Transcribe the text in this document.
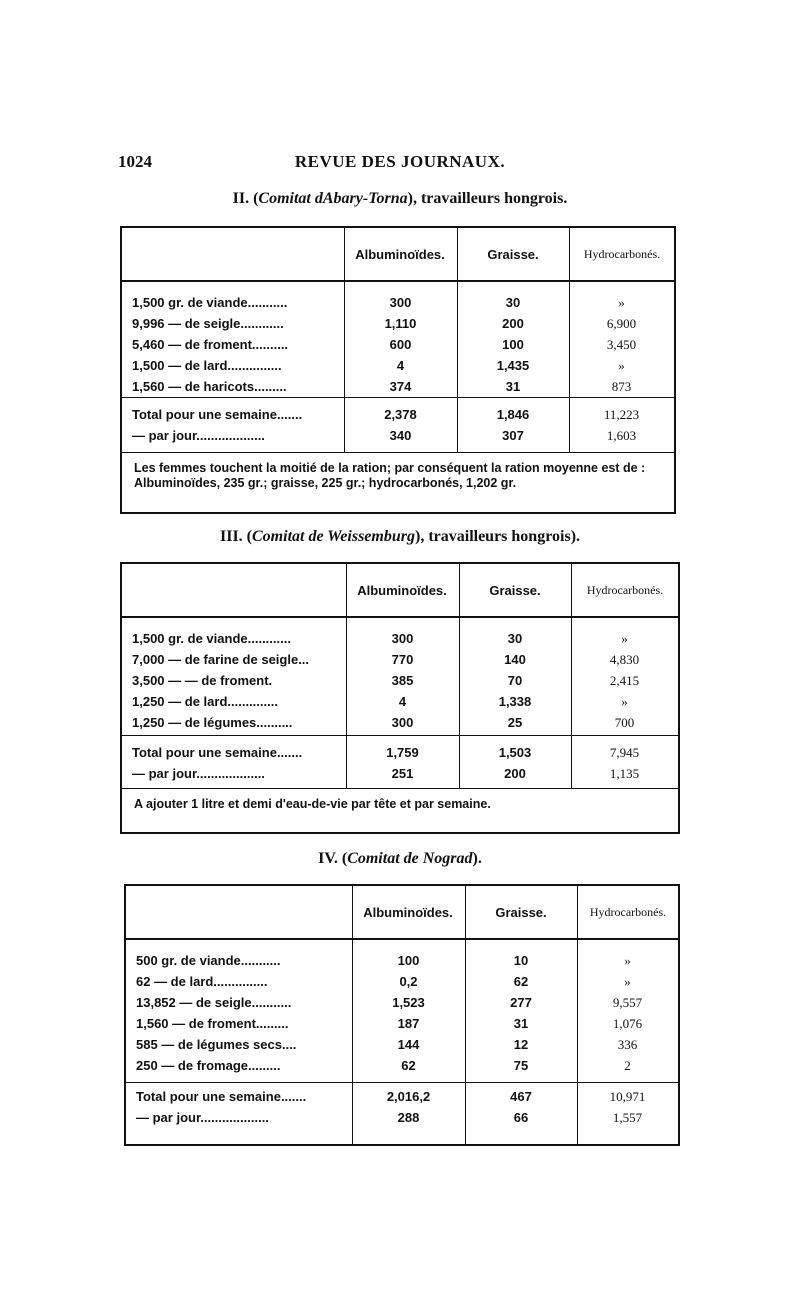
1024	REVUE DES JOURNAUX.
II. (Comitat dAbary-Torna), travailleurs hongrois.
Albuminoïdes.	Graisse.	Hydrocarbonés.
1,500 gr. de viande...........	300	30	»
9,996 — de seigle............	1,110	200	6,900
5,460 — de froment..........	600	100	3,450
1,500 — de lard...............	4	1,435	»
1,560 — de haricots.........	374	31	873
Total pour une semaine.......	2,378	1,846	11,223
— par jour...................	340	307	1,603
Les femmes touchent la moitié de la ration; par conséquent la ration moyenne est de : Albuminoïdes, 235 gr.; graisse, 225 gr.; hydrocarbonés, 1,202 gr.
III. (Comitat de Weissemburg), travailleurs hongrois).
Albuminoïdes.	Graisse.	Hydrocarbonés.
1,500 gr. de viande............	300	30	»
7,000 — de farine de seigle...	770	140	4,830
3,500 — — de froment.	385	70	2,415
1,250 — de lard..............	4	1,338	»
1,250 — de légumes..........	300	25	700
Total pour une semaine.......	1,759	1,503	7,945
— par jour...................	251	200	1,135
A ajouter 1 litre et demi d'eau-de-vie par tête et par semaine.
IV. (Comitat de Nograd).
Albuminoïdes.	Graisse.	Hydrocarbonés.
500 gr. de viande...........	100	10	»
62 — de lard...............	0,2	62	»
13,852 — de seigle...........	1,523	277	9,557
1,560 — de froment.........	187	31	1,076
585 — de légumes secs....	144	12	336
250 — de fromage.........	62	75	2
Total pour une semaine.......	2,016,2	467	10,971
— par jour...................	288	66	1,557
